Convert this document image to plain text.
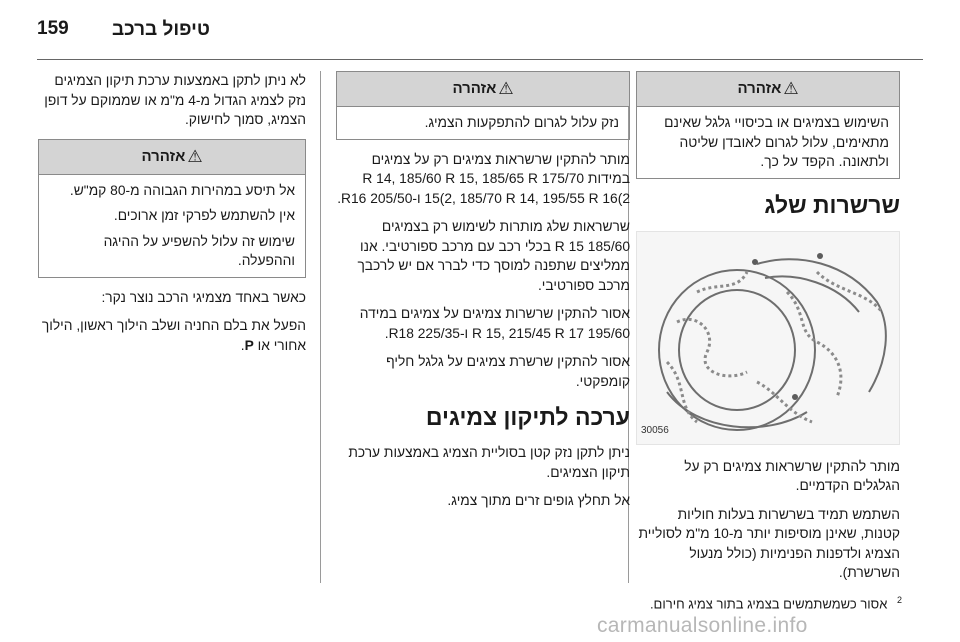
159 טיפול ברכב
⚠
אזהרה

השימוש בצמיגים או בכיסויי גלגל שאינם מתאימים, עלול לגרום לאובדן שליטה ולתאונה. הקפד על כך.

שרשרות שלג
30056

מותר להתקין שרשראות צמיגים רק על הגלגלים הקדמיים.

השתמש תמיד בשרשרות בעלות חוליות קטנות, שאינן מוסיפות יותר מ-10 מ"מ לסוליית הצמיג ולדפנות הפנימיות (כולל מנעול השרשרת).

⚠
אזהרה

נזק עלול לגרום להתפקעות הצמיג.

מותר להתקין שרשראות צמיגים רק על צמיגים במידות 175/70 R 14, 185/60 R 15, 185/65 R 15(2, 185/70 R 14, 195/55 R 16(2 ו-205/50 R16.

שרשראות שלג מותרות לשימוש רק בצמיגים 185/60 R 15 בכלי רכב עם מרכב ספורטיבי. אנו ממליצים שתפנה למוסך כדי לברר אם יש לרכבך מרכב ספורטיבי.

אסור להתקין שרשרות צמיגים על צמיגים במידה 195/60 R 15, 215/45 R 17 ו-225/35 R18.

אסור להתקין שרשרת צמיגים על גלגל חליף קומפקטי.

ערכה לתיקון צמיגים

ניתן לתקן נזק קטן בסוליית הצמיג באמצעות ערכת תיקון הצמיגים.

אל תחלץ גופים זרים מתוך צמיג.

לא ניתן לתקן באמצעות ערכת תיקון הצמיגים נזק לצמיג הגדול מ-4 מ"מ או שממוקם על דופן הצמיג, סמוך לחישוק.

⚠
אזהרה

אל תיסע במהירות הגבוהה מ-80 קמ"ש.

אין להשתמש לפרקי זמן ארוכים.

שימוש זה עלול להשפיע על ההיגה וההפעלה.

כאשר באחד מצמיגי הרכב נוצר נקר:

הפעל את בלם החניה ושלב הילוך ראשון, הילוך אחורי או P.

$^2$ אסור כשמשתמשים בצמיג בתור צמיג חירום.
carmanualsonline.info
